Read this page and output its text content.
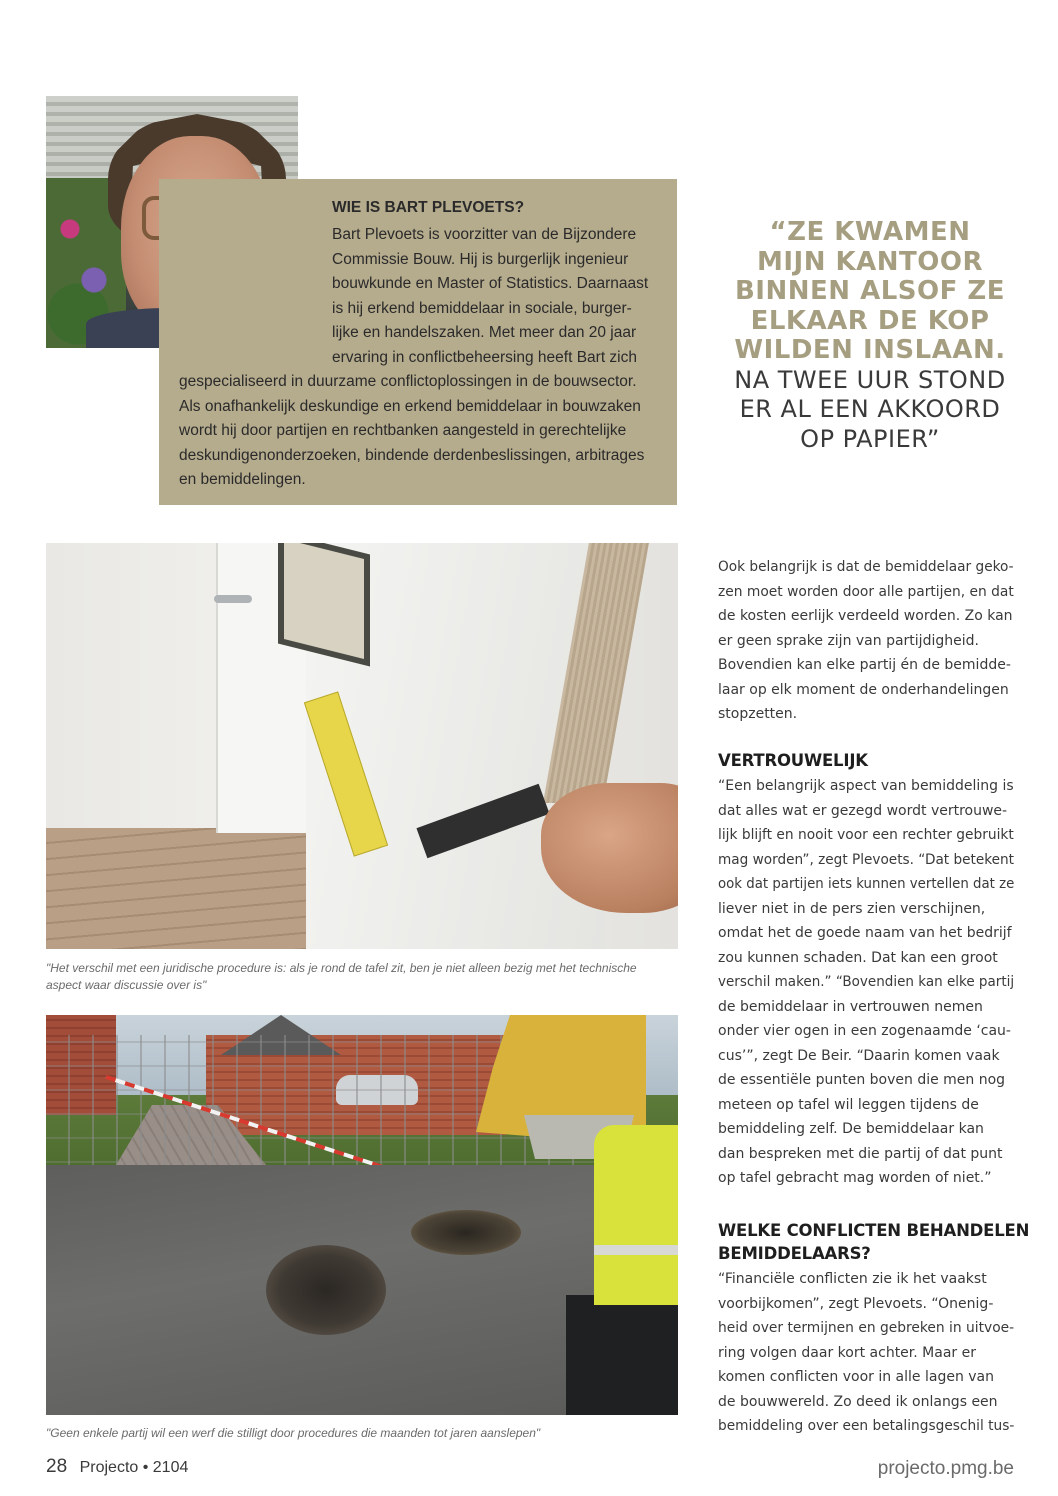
WIE IS BART PLEVOETS?
Bart Plevoets is voorzitter van de Bijzondere
Commissie Bouw. Hij is burgerlijk ingenieur
bouwkunde en Master of Statistics. Daarnaast
is hij erkend bemiddelaar in sociale, burger-
lijke en handelszaken. Met meer dan 20 jaar
ervaring in conflictbeheersing heeft Bart zich
gespecialiseerd in duurzame conflictoplossingen in de bouwsector.
Als onafhankelijk deskundige en erkend bemiddelaar in bouwzaken
wordt hij door partijen en rechtbanken aangesteld in gerechtelijke
deskundigenonderzoeken, bindende derdenbeslissingen, arbitrages
en bemiddelingen.
“ZE KWAMEN
MIJN KANTOOR
BINNEN ALSOF ZE
ELKAAR DE KOP
WILDEN INSLAAN.
NA TWEE UUR STOND
ER AL EEN AKKOORD
OP PAPIER”
"Het verschil met een juridische procedure is: als je rond de tafel zit, ben je niet alleen bezig met het technische
aspect waar discussie over is"
"Geen enkele partij wil een werf die stilligt door procedures die maanden tot jaren aanslepen"
Ook belangrijk is dat de bemiddelaar geko-
zen moet worden door alle partijen, en dat
de kosten eerlijk verdeeld worden. Zo kan
er geen sprake zijn van partijdigheid.
Bovendien kan elke partij én de bemidde-
laar op elk moment de onderhandelingen
stopzetten.
VERTROUWELIJK
“Een belangrijk aspect van bemiddeling is
dat alles wat er gezegd wordt vertrouwe-
lijk blijft en nooit voor een rechter gebruikt
mag worden”, zegt Plevoets. “Dat betekent
ook dat partijen iets kunnen vertellen dat ze
liever niet in de pers zien verschijnen,
omdat het de goede naam van het bedrijf
zou kunnen schaden. Dat kan een groot
verschil maken.” “Bovendien kan elke partij
de bemiddelaar in vertrouwen nemen
onder vier ogen in een zogenaamde ‘cau-
cus’”, zegt De Beir. “Daarin komen vaak
de essentiële punten boven die men nog
meteen op tafel wil leggen tijdens de
bemiddeling zelf. De bemiddelaar kan
dan bespreken met die partij of dat punt
op tafel gebracht mag worden of niet.”
WELKE CONFLICTEN BEHANDELEN
BEMIDDELAARS?
“Financiële conflicten zie ik het vaakst
voorbijkomen”, zegt Plevoets. “Onenig-
heid over termijnen en gebreken in uitvoe-
ring volgen daar kort achter. Maar er
komen conflicten voor in alle lagen van
de bouwwereld. Zo deed ik onlangs een
bemiddeling over een betalingsgeschil tus-
28 Projecto • 2104	projecto.pmg.be
